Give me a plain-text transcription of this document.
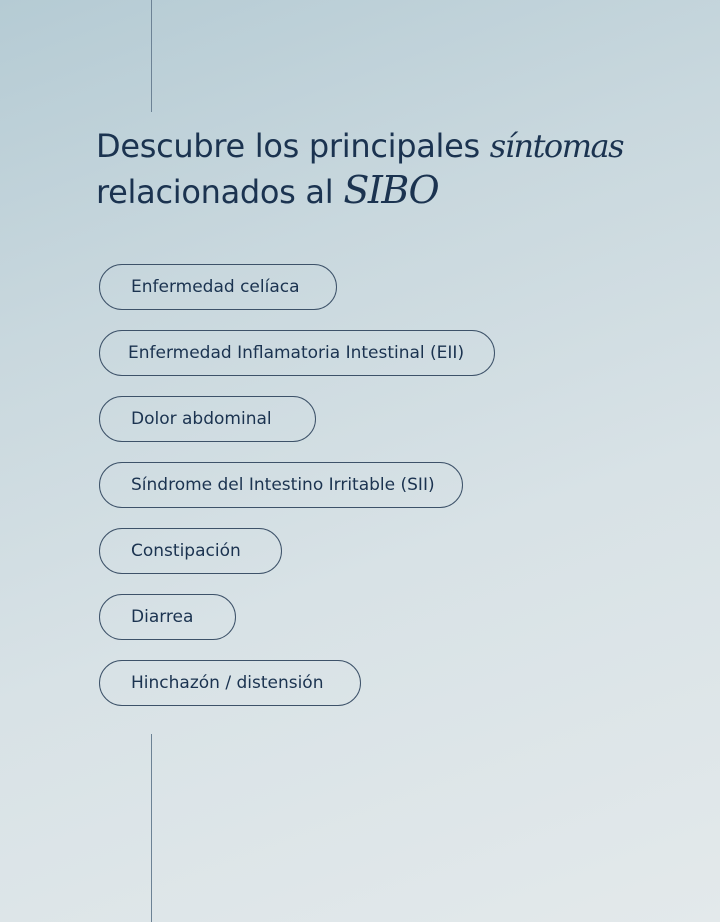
Descubre los principales síntomas
relacionados al SIBO
Enfermedad celíaca
Enfermedad Inflamatoria Intestinal (EII)
Dolor abdominal
Síndrome del Intestino Irritable (SII)
Constipación
Diarrea
Hinchazón / distensión
